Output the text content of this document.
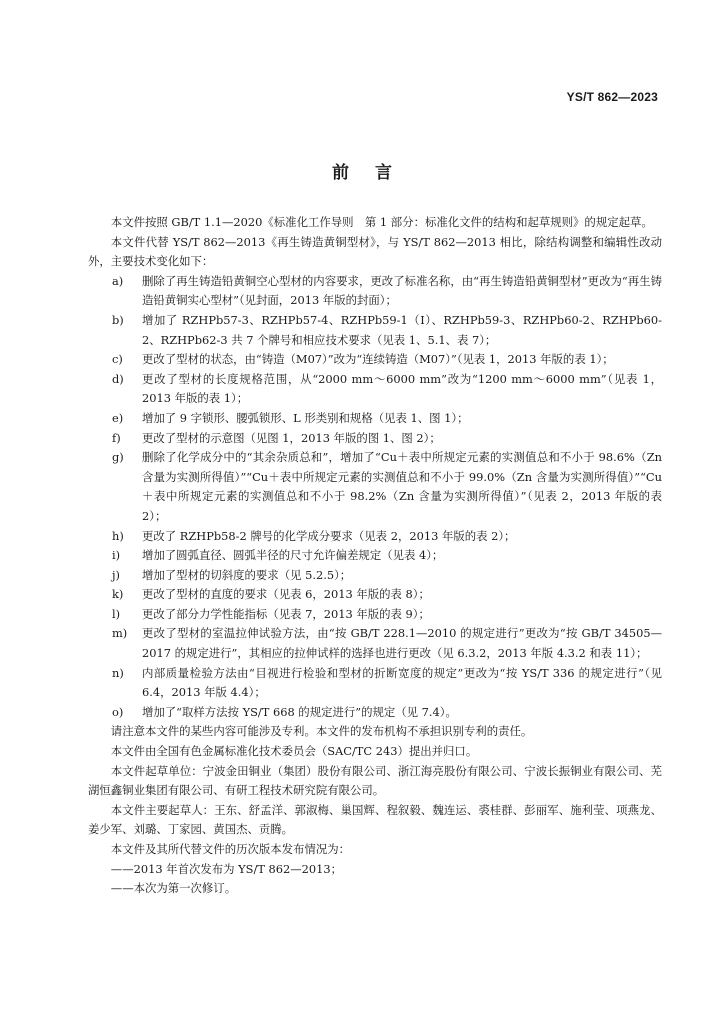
YS/T 862—2023
前言
本文件按照 GB/T 1.1—2020《标准化工作导则　第 1 部分：标准化文件的结构和起草规则》的规定起草。
本文件代替 YS/T 862—2013《再生铸造黄铜型材》，与 YS/T 862—2013 相比，除结构调整和编辑性改动外，主要技术变化如下：
a)	删除了再生铸造铅黄铜空心型材的内容要求，更改了标准名称，由“再生铸造铅黄铜型材”更改为“再生铸造铅黄铜实心型材”（见封面，2013 年版的封面）；
b)	增加了 RZHPb57-3、RZHPb57-4、RZHPb59-1（Ⅰ）、RZHPb59-3、RZHPb60-2、RZHPb60-2、RZHPb62-3 共 7 个牌号和相应技术要求（见表 1、5.1、表 7）；
c)	更改了型材的状态，由“铸造（M07）”改为“连续铸造（M07）”（见表 1，2013 年版的表 1）；
d)	更改了型材的长度规格范围，从“2000 mm～6000 mm”改为“1200 mm～6000 mm”（见表 1，2013 年版的表 1）；
e)	增加了 9 字锁形、腰弧锁形、L 形类别和规格（见表 1、图 1）；
f)	更改了型材的示意图（见图 1，2013 年版的图 1、图 2）；
g)	删除了化学成分中的“其余杂质总和”，增加了“Cu＋表中所规定元素的实测值总和不小于 98.6%（Zn 含量为实测所得值）”“Cu＋表中所规定元素的实测值总和不小于 99.0%（Zn 含量为实测所得值）”“Cu＋表中所规定元素的实测值总和不小于 98.2%（Zn 含量为实测所得值）”（见表 2，2013 年版的表 2）；
h)	更改了 RZHPb58-2 牌号的化学成分要求（见表 2，2013 年版的表 2）；
i)	增加了圆弧直径、圆弧半径的尺寸允许偏差规定（见表 4）；
j)	增加了型材的切斜度的要求（见 5.2.5）；
k)	更改了型材的直度的要求（见表 6，2013 年版的表 8）；
l)	更改了部分力学性能指标（见表 7，2013 年版的表 9）；
m)	更改了型材的室温拉伸试验方法，由“按 GB/T 228.1—2010 的规定进行”更改为“按 GB/T 34505—2017 的规定进行”，其相应的拉伸试样的选择也进行更改（见 6.3.2，2013 年版 4.3.2 和表 11）；
n)	内部质量检验方法由“目视进行检验和型材的折断宽度的规定”更改为“按 YS/T 336 的规定进行”（见 6.4，2013 年版 4.4）；
o)	增加了“取样方法按 YS/T 668 的规定进行”的规定（见 7.4）。
请注意本文件的某些内容可能涉及专利。本文件的发布机构不承担识别专利的责任。
本文件由全国有色金属标准化技术委员会（SAC/TC 243）提出并归口。
本文件起草单位：宁波金田铜业（集团）股份有限公司、浙江海亮股份有限公司、宁波长振铜业有限公司、芜湖恒鑫铜业集团有限公司、有研工程技术研究院有限公司。
本文件主要起草人：王东、舒孟洋、郭淑梅、巢国辉、程叙毅、魏连运、裘桂群、彭丽军、施利莹、项燕龙、姜少军、刘璐、丁家园、黄国杰、贡腾。
本文件及其所代替文件的历次版本发布情况为：
——2013 年首次发布为 YS/T 862—2013；
——本次为第一次修订。
